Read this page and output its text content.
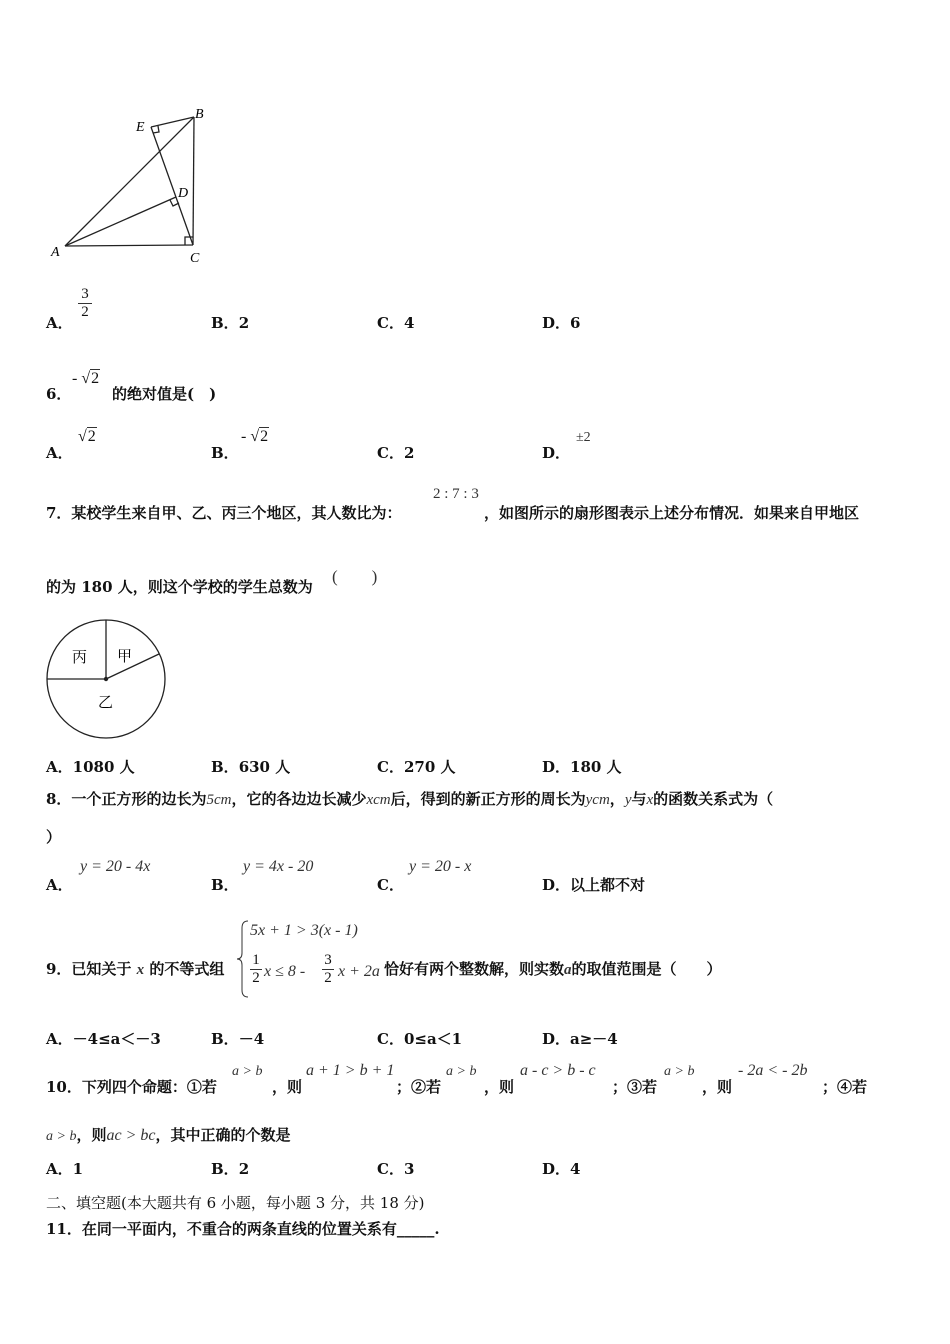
E
B
D
A	C
A．
3
2
B．2	C．4	D．6
6．
- √2
的绝对值是(　)
A．
√2
B．
- √2
C．2	D．
±2
7．某校学生来自甲、乙、丙三个地区，其人数比为：
2 : 7 : 3
，如图所示的扇形图表示上述分布情况．如果来自甲地区
的为 180 人，则这个学校的学生总数为
(　　)
丙 甲
乙
A．1080 人	B．630 人	C．270 人	D．180 人
8．一个正方形的边长为5cm，它的各边边长减少xcm后，得到的新正方形的周长为ycm，y与x的函数关系式为（
）
A．
y = 20 - 4x
B．
y = 4x - 20
C．
y = 20 - x
D．以上都不对
9．已知关于 x 的不等式组
5x + 1 > 3(x - 1)
1
2 x ≤ 8 -
3
2 x + 2a 恰好有两个整数解，则实数a的取值范围是（　　）
A．－4≤a＜－3	B．－4	C．0≤a＜1	D．a≥－4
10．下列四个命题：①若
a > b
，则
a + 1 > b + 1
；②若
a > b
，则
a - c > b - c
；③若
a > b
，则
- 2a < - 2b
；④若
a > b，则ac > bc，其中正确的个数是
A．1	B．2	C．3	D．4
二、填空题(本大题共有 6 小题，每小题 3 分，共 18 分)
11．在同一平面内，不重合的两条直线的位置关系有_____.
